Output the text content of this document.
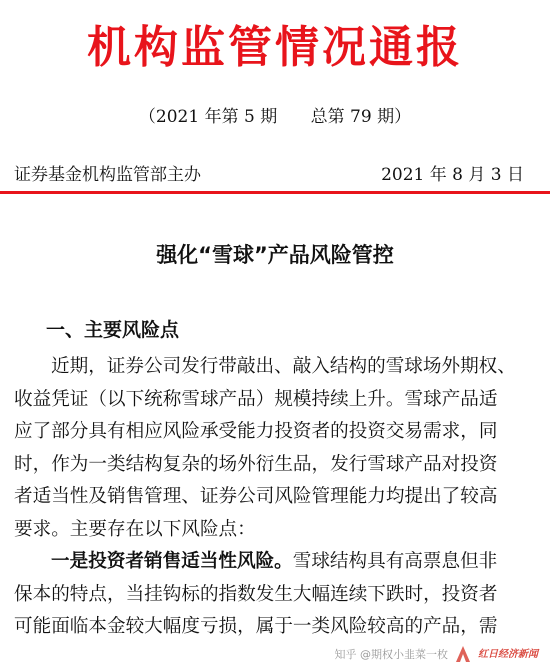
机构监管情况通报
（2021 年第 5 期 总第 79 期）
证券基金机构监管部主办	2021 年 8 月 3 日
强化“雪球”产品风险管控
一、主要风险点
近期，证券公司发行带敲出、敲入结构的雪球场外期权、
收益凭证（以下统称雪球产品）规模持续上升。雪球产品适
应了部分具有相应风险承受能力投资者的投资交易需求，同
时，作为一类结构复杂的场外衍生品，发行雪球产品对投资
者适当性及销售管理、证券公司风险管理能力均提出了较高
要求。主要存在以下风险点：
一是投资者销售适当性风险。雪球结构具有高票息但非
保本的特点，当挂钩标的指数发生大幅连续下跌时，投资者
可能面临本金较大幅度亏损，属于一类风险较高的产品，需
知乎 @期权小韭菜一枚	红日经济新闻
